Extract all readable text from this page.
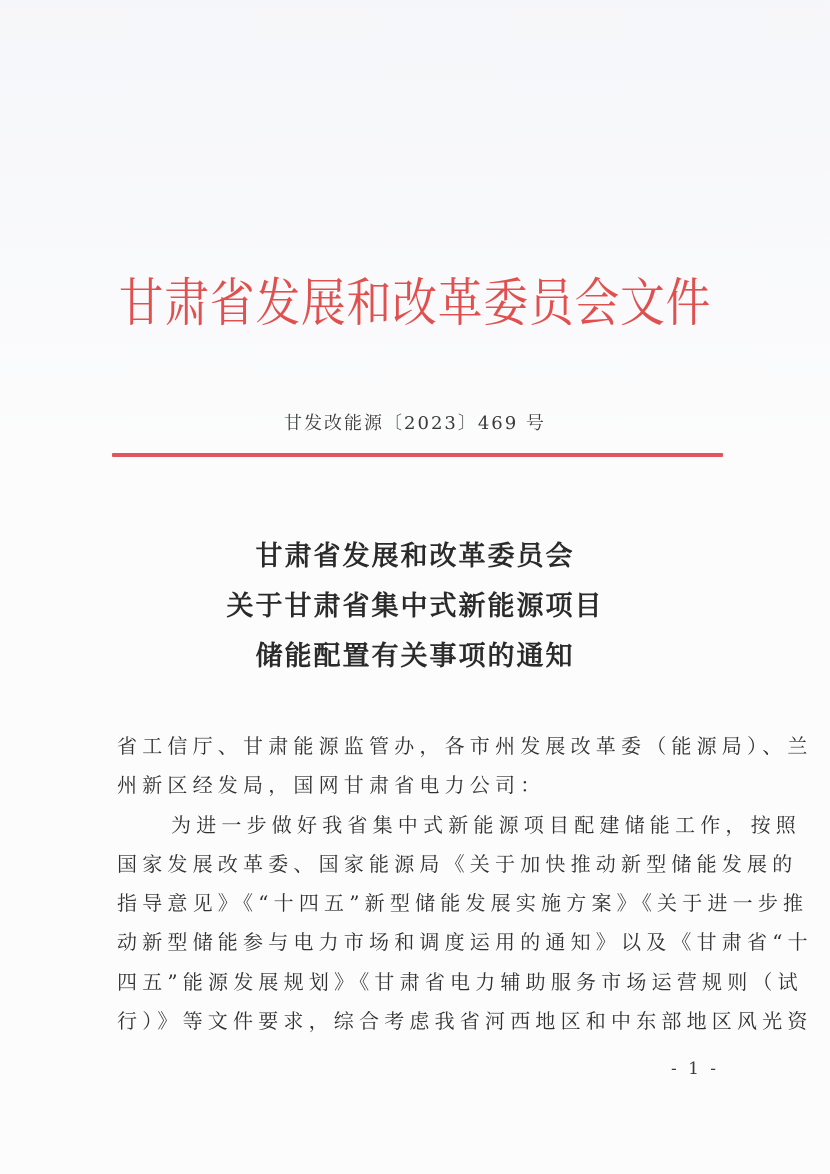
甘肃省发展和改革委员会文件
甘发改能源〔2023〕469 号
甘肃省发展和改革委员会
关于甘肃省集中式新能源项目
储能配置有关事项的通知
省工信厅、甘肃能源监管办，各市州发展改革委（能源局）、兰
州新区经发局，国网甘肃省电力公司：
为进一步做好我省集中式新能源项目配建储能工作，按照
国家发展改革委、国家能源局《关于加快推动新型储能发展的
指导意见》《“十四五”新型储能发展实施方案》《关于进一步推
动新型储能参与电力市场和调度运用的通知》以及《甘肃省“十
四五”能源发展规划》《甘肃省电力辅助服务市场运营规则（试
行）》等文件要求，综合考虑我省河西地区和中东部地区风光资
- 1 -
